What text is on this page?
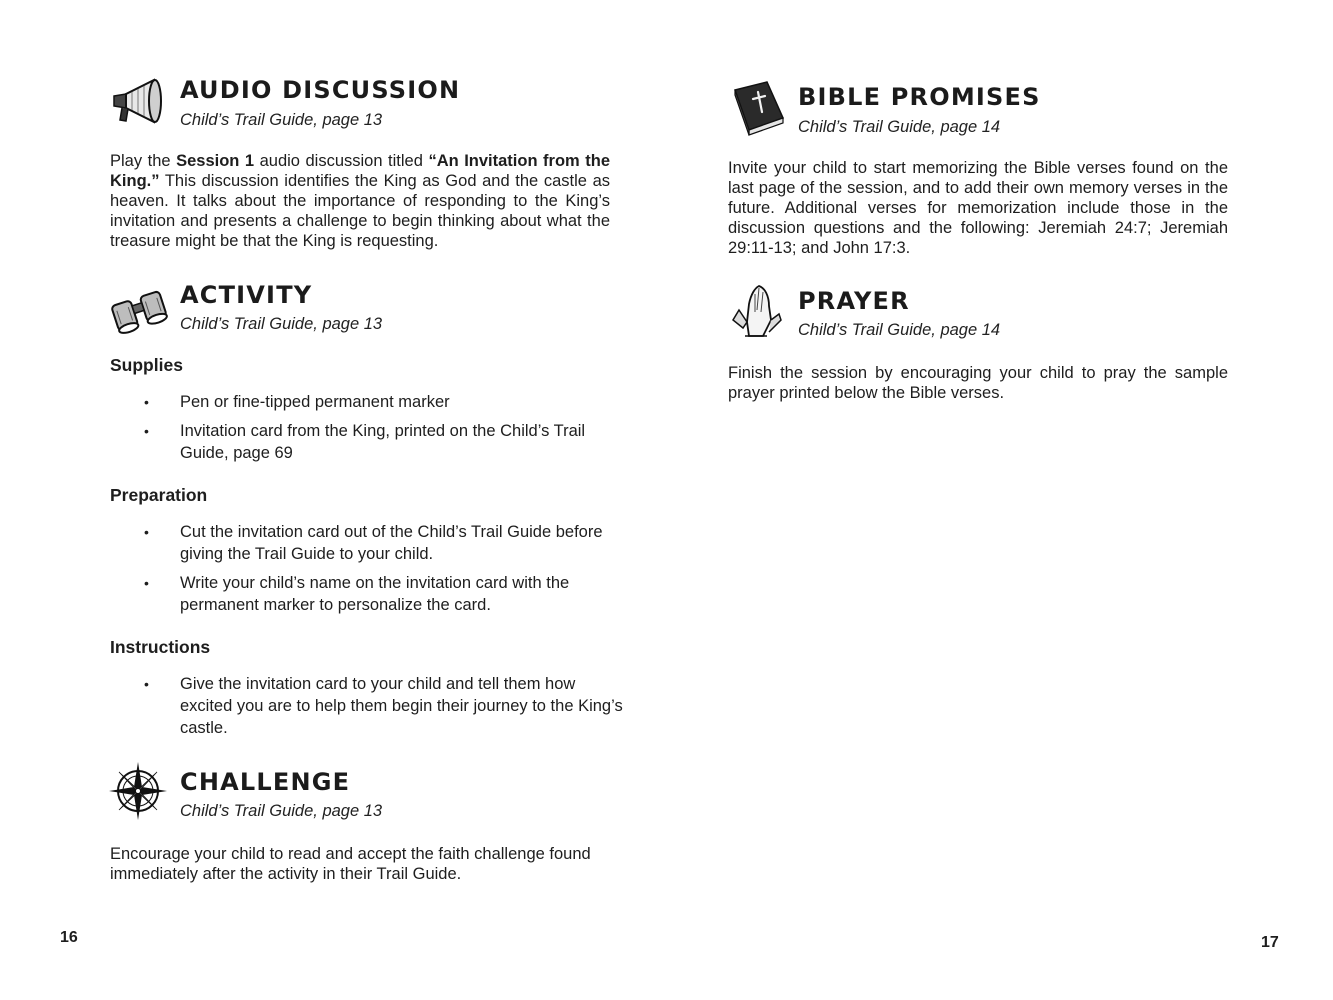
AUDIO DISCUSSION
Child’s Trail Guide, page 13

Play the Session 1 audio discussion titled “An Invitation from the King.” This discussion identifies the King as God and the castle as heaven. It talks about the importance of responding to the King’s invitation and presents a challenge to begin thinking about what the treasure might be that the King is requesting.

ACTIVITY
Child’s Trail Guide, page 13
Supplies
• Pen or fine-tipped permanent marker
• Invitation card from the King, printed on the Child’s Trail Guide, page 69
Preparation
• Cut the invitation card out of the Child’s Trail Guide before giving the Trail Guide to your child.
• Write your child’s name on the invitation card with the permanent marker to personalize the card.
Instructions
• Give the invitation card to your child and tell them how excited you are to help them begin their journey to the King’s castle.
CHALLENGE
Child’s Trail Guide, page 13

Encourage your child to read and accept the faith challenge found immediately after the activity in their Trail Guide.

16
BIBLE PROMISES
Child’s Trail Guide, page 14

Invite your child to start memorizing the Bible verses found on the last page of the session, and to add their own memory verses in the future. Additional verses for memorization include those in the discussion questions and the following: Jeremiah 24:7; Jeremiah 29:11-13; and John 17:3.

PRAYER
Child’s Trail Guide, page 14

Finish the session by encouraging your child to pray the sample prayer printed below the Bible verses.

17
